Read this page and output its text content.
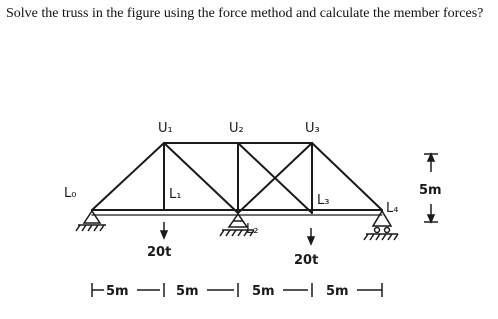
Solve the truss in the figure using the force method and calculate the member forces?
L₀
U₁	U₂	U₃
L₁
L₂
L₃
L₄
20t
20t
5m
5m	5m	5m	5m
